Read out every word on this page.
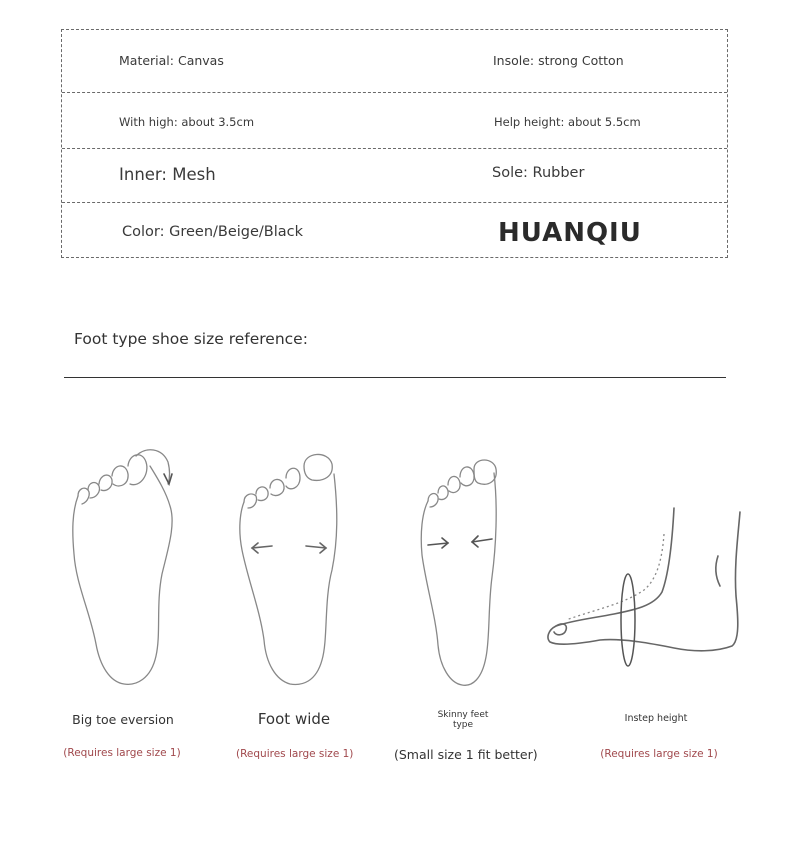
Material: Canvas	Insole: strong Cotton
With high: about 3.5cm	Help height: about 5.5cm
Inner: Mesh	Sole: Rubber
Color: Green/Beige/Black	HUANQIU
Foot type shoe size reference:
Big toe eversion	Foot wide	Skinny feet
type
Instep height
(Requires large size 1)	(Requires large size 1)	(Small size 1 fit better)	(Requires large size 1)
